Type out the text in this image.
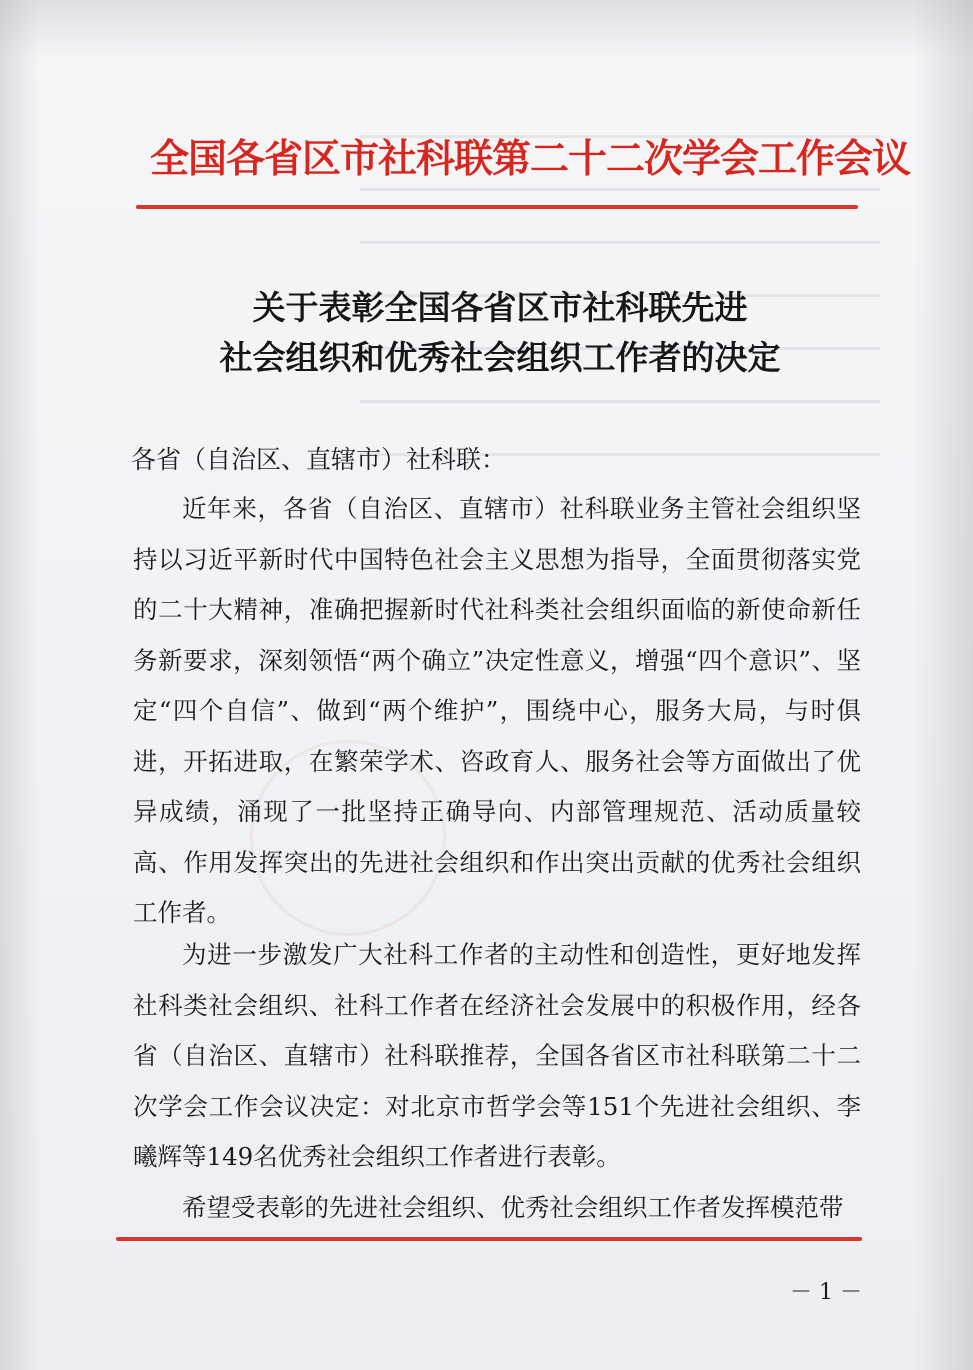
全国各省区市社科联第二十二次学会工作会议
关于表彰全国各省区市社科联先进
社会组织和优秀社会组织工作者的决定
各省（自治区、直辖市）社科联：

近年来，各省（自治区、直辖市）社科联业务主管社会组织坚持以习近平新时代中国特色社会主义思想为指导，全面贯彻落实党的二十大精神，准确把握新时代社科类社会组织面临的新使命新任务新要求，深刻领悟“两个确立”决定性意义，增强“四个意识”、坚定“四个自信”、做到“两个维护”，围绕中心，服务大局，与时俱进，开拓进取，在繁荣学术、咨政育人、服务社会等方面做出了优异成绩，涌现了一批坚持正确导向、内部管理规范、活动质量较高、作用发挥突出的先进社会组织和作出突出贡献的优秀社会组织工作者。

为进一步激发广大社科工作者的主动性和创造性，更好地发挥社科类社会组织、社科工作者在经济社会发展中的积极作用，经各省（自治区、直辖市）社科联推荐，全国各省区市社科联第二十二次学会工作会议决定：对北京市哲学会等151个先进社会组织、李曦辉等149名优秀社会组织工作者进行表彰。

希望受表彰的先进社会组织、优秀社会组织工作者发挥模范带

－ 1 －
